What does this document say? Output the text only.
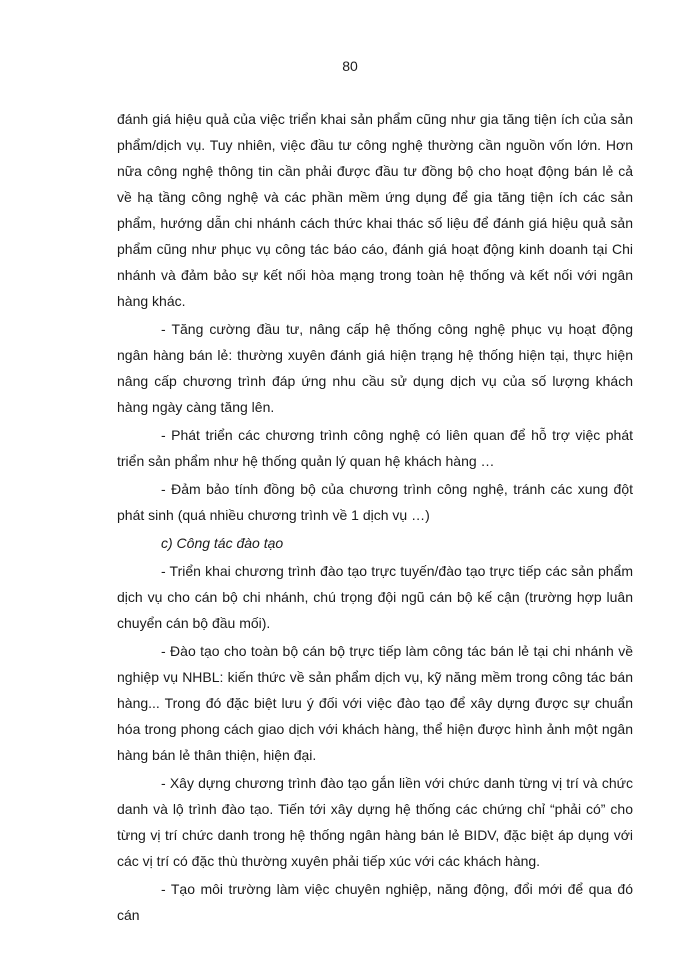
80

đánh giá hiệu quả của việc triển khai sản phẩm cũng như gia tăng tiện ích của sản phẩm/dịch vụ. Tuy nhiên, việc đầu tư công nghệ thường cần nguồn vốn lớn. Hơn nữa công nghệ thông tin cần phải được đầu tư đồng bộ cho hoạt động bán lẻ cả về hạ tầng công nghệ và các phần mềm ứng dụng để gia tăng tiện ích các sản phẩm, hướng dẫn chi nhánh cách thức khai thác số liệu để đánh giá hiệu quả sản phẩm cũng như phục vụ công tác báo cáo, đánh giá hoạt động kinh doanh tại Chi nhánh và đảm bảo sự kết nối hòa mạng trong toàn hệ thống và kết nối với ngân hàng khác.

- Tăng cường đầu tư, nâng cấp hệ thống công nghệ phục vụ hoạt động ngân hàng bán lẻ: thường xuyên đánh giá hiện trạng hệ thống hiện tại, thực hiện nâng cấp chương trình đáp ứng nhu cầu sử dụng dịch vụ của số lượng khách hàng ngày càng tăng lên.

- Phát triển các chương trình công nghệ có liên quan để hỗ trợ việc phát triển sản phẩm như hệ thống quản lý quan hệ khách hàng …

- Đảm bảo tính đồng bộ của chương trình công nghệ, tránh các xung đột phát sinh (quá nhiều chương trình về 1 dịch vụ …)

c) Công tác đào tạo

- Triển khai chương trình đào tạo trực tuyến/đào tạo trực tiếp các sản phẩm dịch vụ cho cán bộ chi nhánh, chú trọng đội ngũ cán bộ kế cận (trường hợp luân chuyển cán bộ đầu mối).

- Đào tạo cho toàn bộ cán bộ trực tiếp làm công tác bán lẻ tại chi nhánh về nghiệp vụ NHBL: kiến thức về sản phẩm dịch vụ, kỹ năng mềm trong công tác bán hàng... Trong đó đặc biệt lưu ý đối với việc đào tạo để xây dựng được sự chuẩn hóa trong phong cách giao dịch với khách hàng, thể hiện được hình ảnh một ngân hàng bán lẻ thân thiện, hiện đại.

- Xây dựng chương trình đào tạo gắn liền với chức danh từng vị trí và chức danh và lộ trình đào tạo. Tiến tới xây dựng hệ thống các chứng chỉ “phải có” cho từng vị trí chức danh trong hệ thống ngân hàng bán lẻ BIDV, đặc biệt áp dụng với các vị trí có đặc thù thường xuyên phải tiếp xúc với các khách hàng.

- Tạo môi trường làm việc chuyên nghiệp, năng động, đổi mới để qua đó cán
